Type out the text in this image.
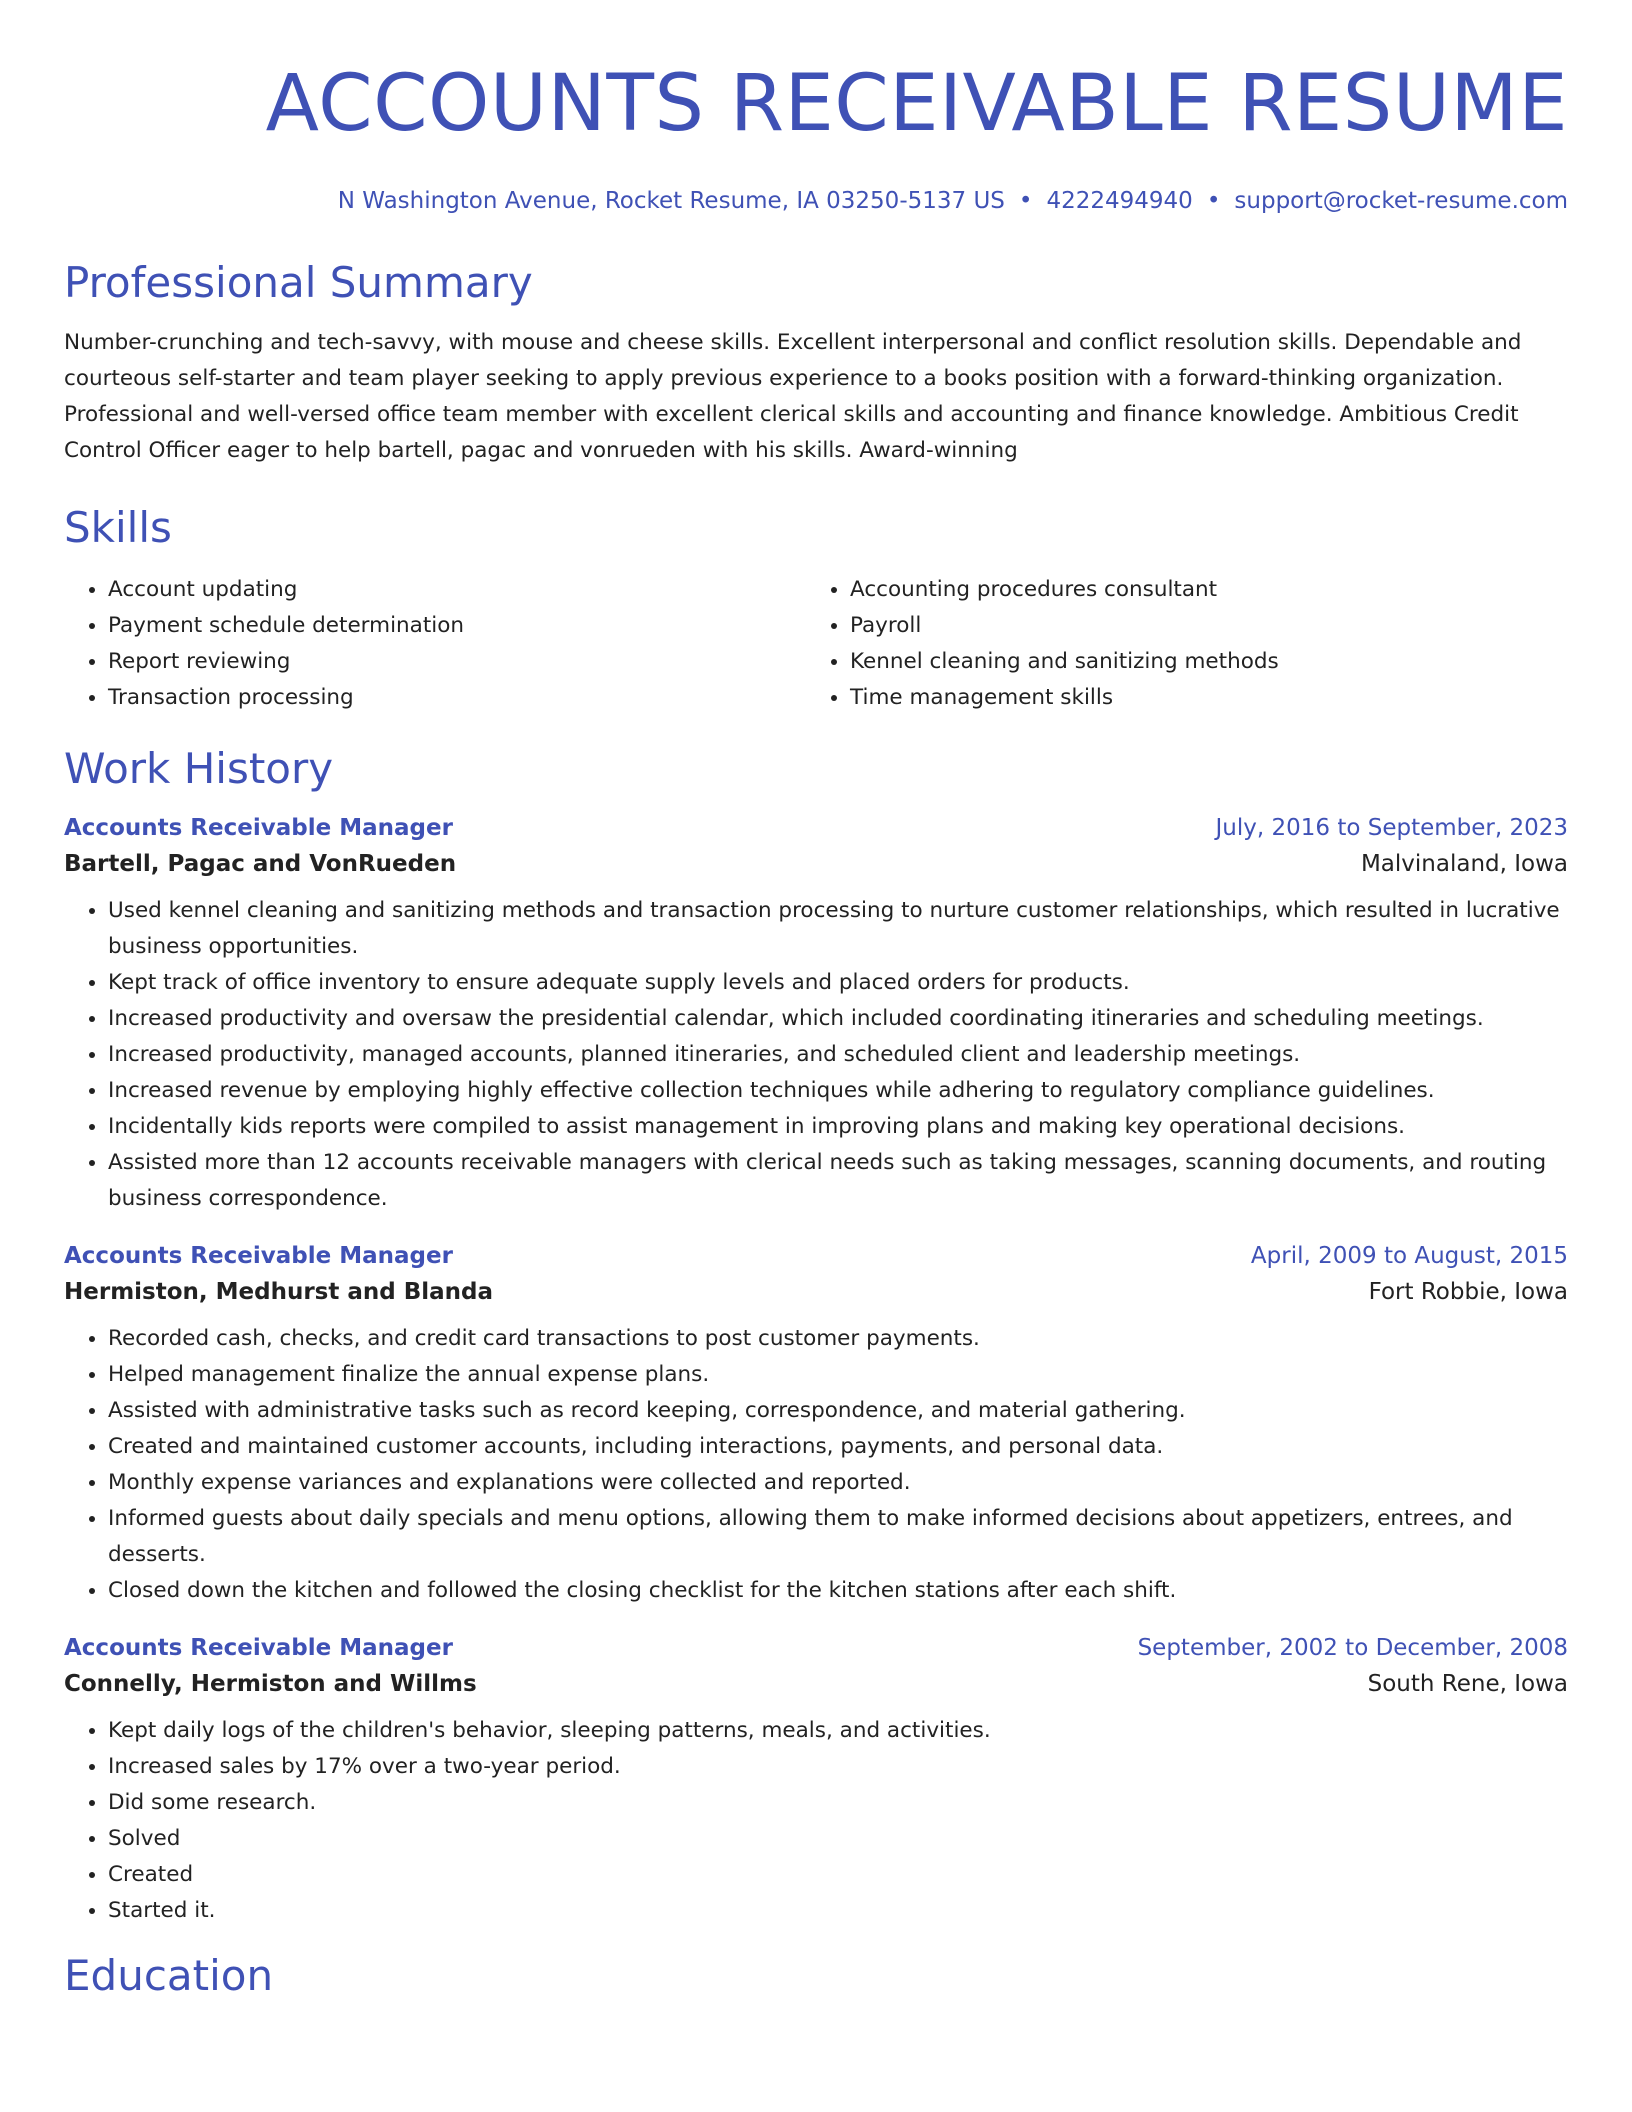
ACCOUNTS RECEIVABLE RESUME
N Washington Avenue, Rocket Resume, IA 03250-5137 US • 4222494940 • support@rocket-resume.com
Professional Summary
Number-crunching and tech-savvy, with mouse and cheese skills. Excellent interpersonal and conflict resolution skills. Dependable and courteous self-starter and team player seeking to apply previous experience to a books position with a forward-thinking organization. Professional and well-versed office team member with excellent clerical skills and accounting and finance knowledge. Ambitious Credit Control Officer eager to help bartell, pagac and vonrueden with his skills. Award-winning
Skills
• Account updating
• Payment schedule determination
• Report reviewing
• Transaction processing
• Accounting procedures consultant
• Payroll
• Kennel cleaning and sanitizing methods
• Time management skills
Work History
Accounts Receivable Manager	July, 2016 to September, 2023
Bartell, Pagac and VonRueden	Malvinaland, Iowa
• Used kennel cleaning and sanitizing methods and transaction processing to nurture customer relationships, which resulted in lucrative business opportunities.
• Kept track of office inventory to ensure adequate supply levels and placed orders for products.
• Increased productivity and oversaw the presidential calendar, which included coordinating itineraries and scheduling meetings.
• Increased productivity, managed accounts, planned itineraries, and scheduled client and leadership meetings.
• Increased revenue by employing highly effective collection techniques while adhering to regulatory compliance guidelines.
• Incidentally kids reports were compiled to assist management in improving plans and making key operational decisions.
• Assisted more than 12 accounts receivable managers with clerical needs such as taking messages, scanning documents, and routing business correspondence.
Accounts Receivable Manager	April, 2009 to August, 2015
Hermiston, Medhurst and Blanda	Fort Robbie, Iowa
• Recorded cash, checks, and credit card transactions to post customer payments.
• Helped management finalize the annual expense plans.
• Assisted with administrative tasks such as record keeping, correspondence, and material gathering.
• Created and maintained customer accounts, including interactions, payments, and personal data.
• Monthly expense variances and explanations were collected and reported.
• Informed guests about daily specials and menu options, allowing them to make informed decisions about appetizers, entrees, and desserts.
• Closed down the kitchen and followed the closing checklist for the kitchen stations after each shift.
Accounts Receivable Manager	September, 2002 to December, 2008
Connelly, Hermiston and Willms	South Rene, Iowa
• Kept daily logs of the children's behavior, sleeping patterns, meals, and activities.
• Increased sales by 17% over a two-year period.
• Did some research.
• Solved
• Created
• Started it.
Education
